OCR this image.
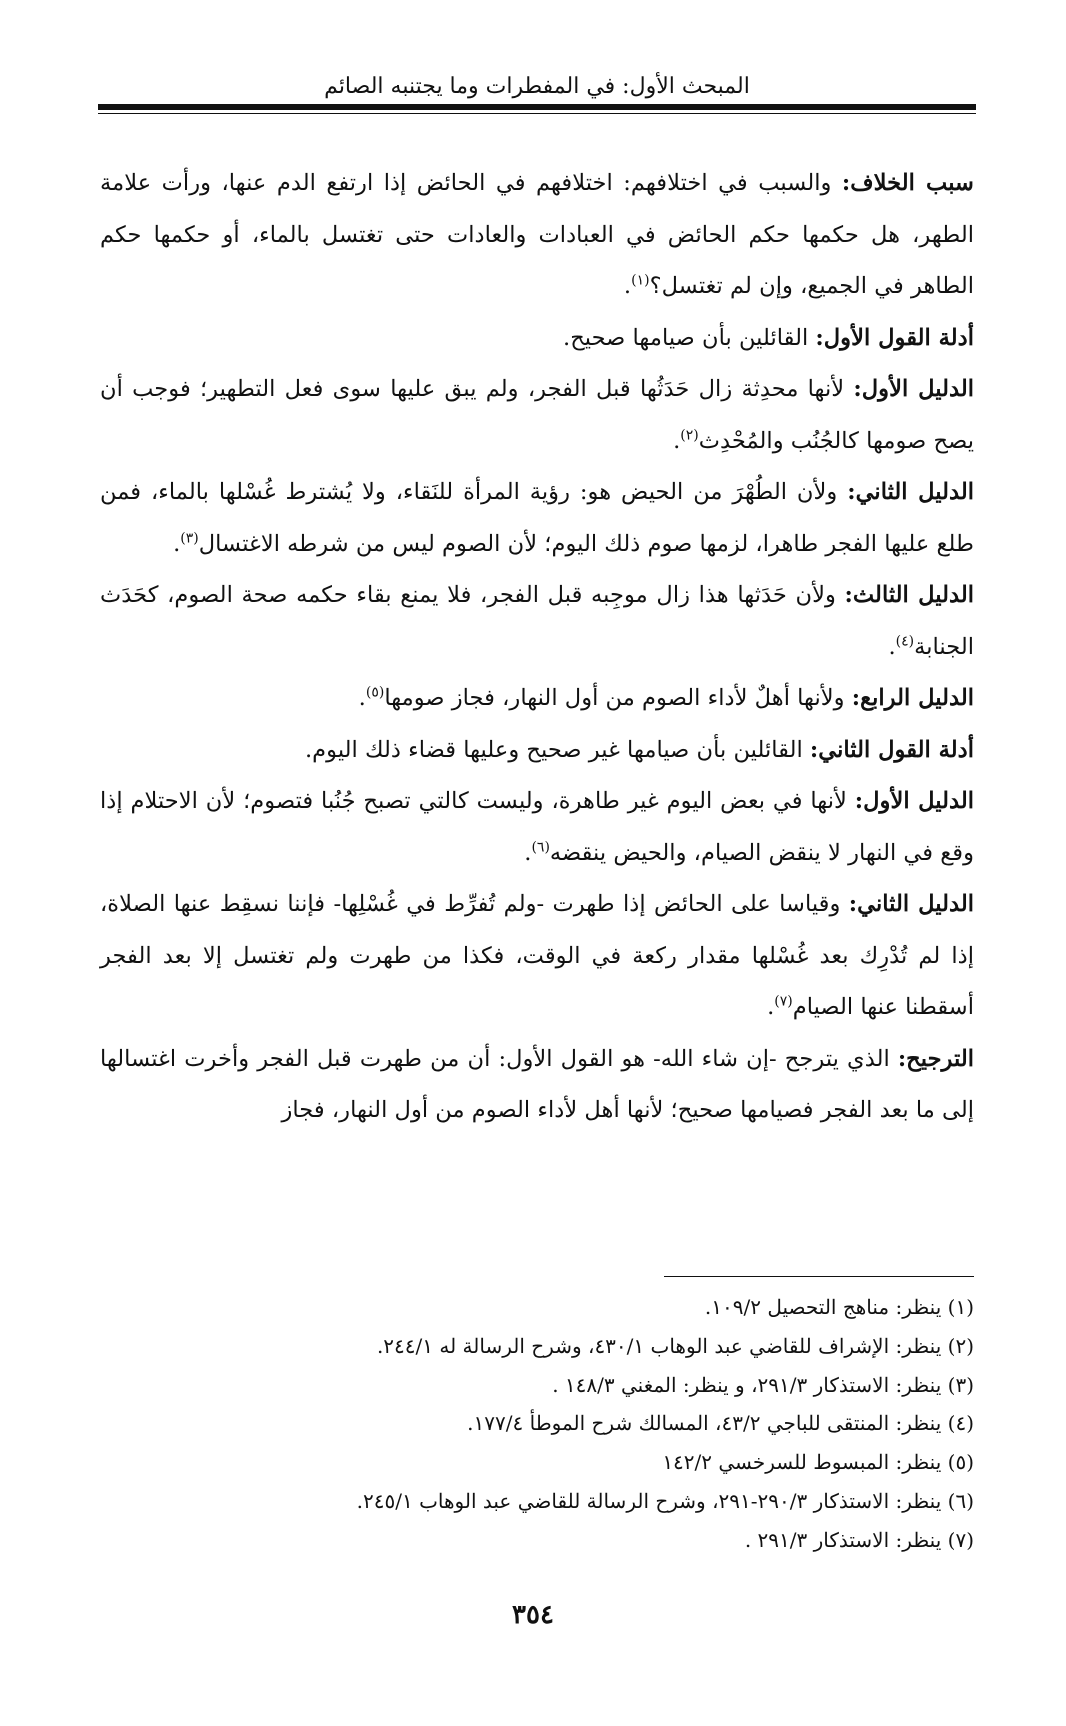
المبحث الأول: في المفطرات وما يجتنبه الصائم

سبب الخلاف: والسبب في اختلافهم: اختلافهم في الحائض إذا ارتفع الدم عنها، ورأت علامة الطهر، هل حكمها حكم الحائض في العبادات والعادات حتى تغتسل بالماء، أو حكمها حكم الطاهر في الجميع، وإن لم تغتسل؟$^{(١)}$.

أدلة القول الأول: القائلين بأن صيامها صحيح.

الدليل الأول: لأنها محدِثة زال حَدَثُها قبل الفجر، ولم يبق عليها سوى فعل التطهير؛ فوجب أن يصح صومها كالجُنُب والمُحْدِث$^{(٢)}$.

الدليل الثاني: ولأن الطُهْرَ من الحيض هو: رؤية المرأة للنَقاء، ولا يُشترط غُسْلها بالماء، فمن طلع عليها الفجر طاهرا، لزمها صوم ذلك اليوم؛ لأن الصوم ليس من شرطه الاغتسال$^{(٣)}$.

الدليل الثالث: ولأن حَدَثها هذا زال موجِبه قبل الفجر، فلا يمنع بقاء حكمه صحة الصوم، كحَدَث الجنابة$^{(٤)}$.

الدليل الرابع: ولأنها أهلٌ لأداء الصوم من أول النهار، فجاز صومها$^{(٥)}$.

أدلة القول الثاني: القائلين بأن صيامها غير صحيح وعليها قضاء ذلك اليوم.

الدليل الأول: لأنها في بعض اليوم غير طاهرة، وليست كالتي تصبح جُنُبا فتصوم؛ لأن الاحتلام إذا وقع في النهار لا ينقض الصيام، والحيض ينقضه$^{(٦)}$.

الدليل الثاني: وقياسا على الحائض إذا طهرت -ولم تُفرِّط في غُسْلِها- فإننا نسقِط عنها الصلاة، إذا لم تُدْرِك بعد غُسْلها مقدار ركعة في الوقت، فكذا من طهرت ولم تغتسل إلا بعد الفجر أسقطنا عنها الصيام$^{(٧)}$.

الترجيح: الذي يترجح -إن شاء الله- هو القول الأول: أن من طهرت قبل الفجر وأخرت اغتسالها إلى ما بعد الفجر فصيامها صحيح؛ لأنها أهل لأداء الصوم من أول النهار، فجاز

(١) ينظر: مناهج التحصيل ١٠٩/٢.

(٢) ينظر: الإشراف للقاضي عبد الوهاب ٤٣٠/١، وشرح الرسالة له ٢٤٤/١.

(٣) ينظر: الاستذكار ٢٩١/٣، و ينظر: المغني ١٤٨/٣ .

(٤) ينظر: المنتقى للباجي ٤٣/٢، المسالك شرح الموطأ ١٧٧/٤.

(٥) ينظر: المبسوط للسرخسي ١٤٢/٢

(٦) ينظر: الاستذكار ٢٩٠/٣-٢٩١، وشرح الرسالة للقاضي عبد الوهاب ٢٤٥/١.

(٧) ينظر: الاستذكار ٢٩١/٣ .

٣٥٤
